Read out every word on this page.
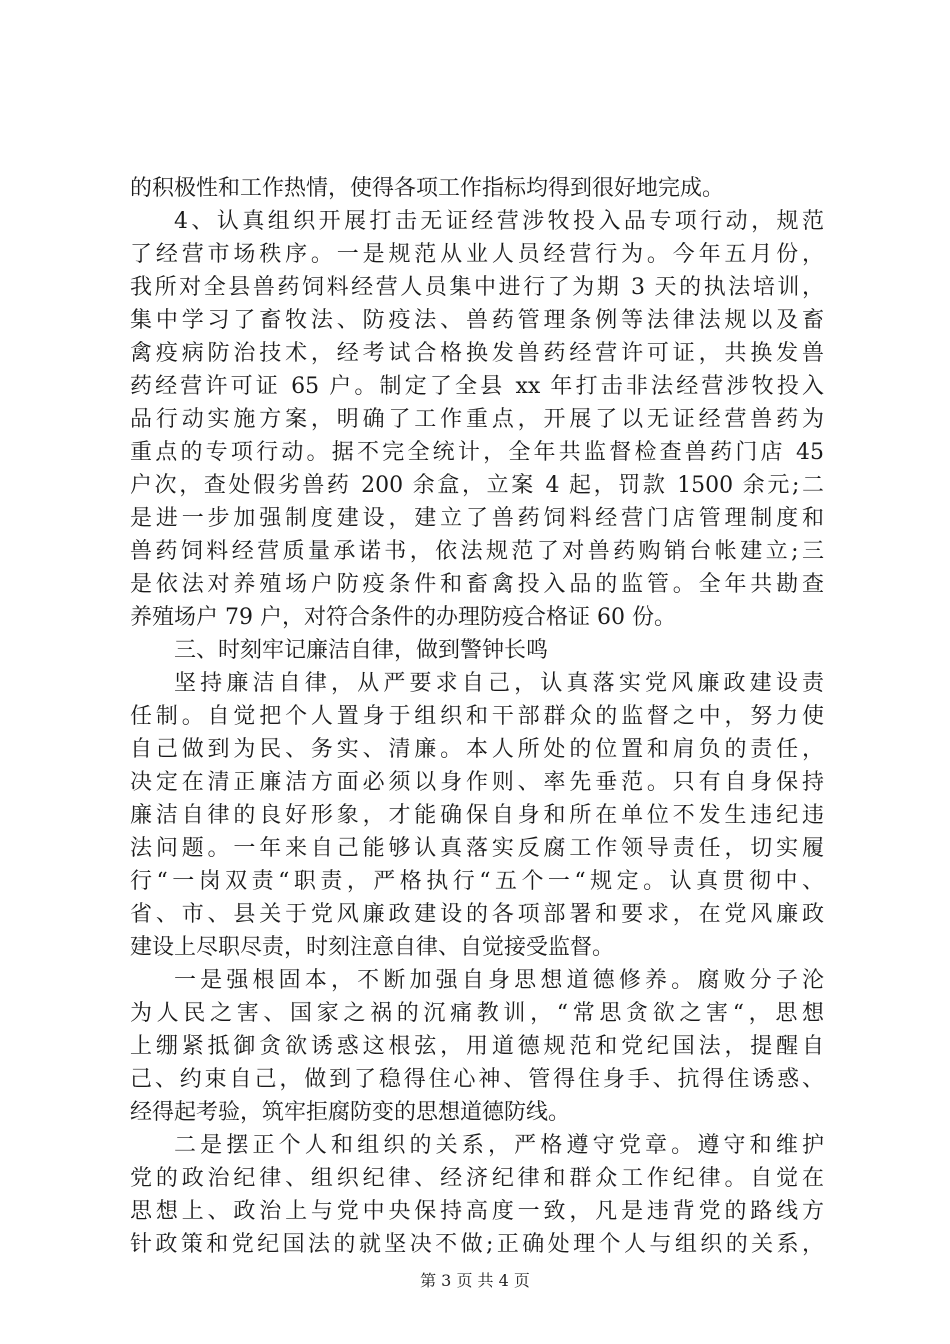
的积极性和工作热情，使得各项工作指标均得到很好地完成。
4、认真组织开展打击无证经营涉牧投入品专项行动，规范
了经营市场秩序。一是规范从业人员经营行为。今年五月份，
我所对全县兽药饲料经营人员集中进行了为期 3 天的执法培训，
集中学习了畜牧法、防疫法、兽药管理条例等法律法规以及畜
禽疫病防治技术，经考试合格换发兽药经营许可证，共换发兽
药经营许可证 65 户。制定了全县 xx 年打击非法经营涉牧投入
品行动实施方案，明确了工作重点，开展了以无证经营兽药为
重点的专项行动。据不完全统计，全年共监督检查兽药门店 45
户次，查处假劣兽药 200 余盒，立案 4 起，罚款 1500 余元;二
是进一步加强制度建设，建立了兽药饲料经营门店管理制度和
兽药饲料经营质量承诺书，依法规范了对兽药购销台帐建立;三
是依法对养殖场户防疫条件和畜禽投入品的监管。全年共勘查
养殖场户 79 户，对符合条件的办理防疫合格证 60 份。
三、时刻牢记廉洁自律，做到警钟长鸣
坚持廉洁自律，从严要求自己，认真落实党风廉政建设责
任制。自觉把个人置身于组织和干部群众的监督之中，努力使
自己做到为民、务实、清廉。本人所处的位置和肩负的责任，
决定在清正廉洁方面必须以身作则、率先垂范。只有自身保持
廉洁自律的良好形象，才能确保自身和所在单位不发生违纪违
法问题。一年来自己能够认真落实反腐工作领导责任，切实履
行“一岗双责“职责，严格执行“五个一“规定。认真贯彻中、
省、市、县关于党风廉政建设的各项部署和要求，在党风廉政
建设上尽职尽责，时刻注意自律、自觉接受监督。
一是强根固本，不断加强自身思想道德修养。腐败分子沦
为人民之害、国家之祸的沉痛教训，“常思贪欲之害“，思想
上绷紧抵御贪欲诱惑这根弦，用道德规范和党纪国法，提醒自
己、约束自己，做到了稳得住心神、管得住身手、抗得住诱惑、
经得起考验，筑牢拒腐防变的思想道德防线。
二是摆正个人和组织的关系，严格遵守党章。遵守和维护
党的政治纪律、组织纪律、经济纪律和群众工作纪律。自觉在
思想上、政治上与党中央保持高度一致，凡是违背党的路线方
针政策和党纪国法的就坚决不做;正确处理个人与组织的关系，
第 3 页 共 4 页
